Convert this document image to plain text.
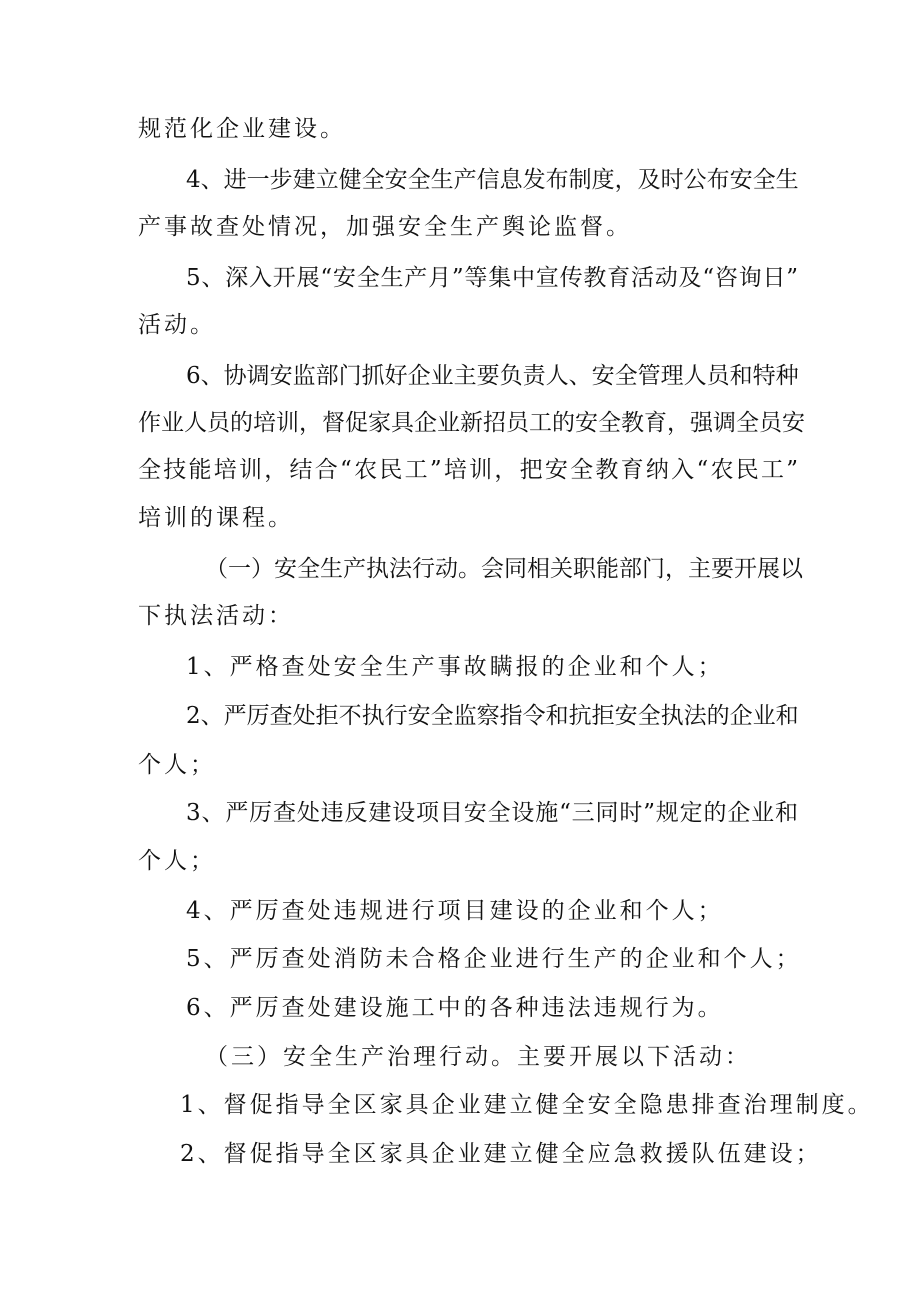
规范化企业建设。
4、进一步建立健全安全生产信息发布制度，及时公布安全生
产事故查处情况，加强安全生产舆论监督。
5、深入开展“安全生产月”等集中宣传教育活动及“咨询日”
活动。
6、协调安监部门抓好企业主要负责人、安全管理人员和特种
作业人员的培训，督促家具企业新招员工的安全教育，强调全员安
全技能培训，结合“农民工”培训，把安全教育纳入“农民工”
培训的课程。
（一）安全生产执法行动。会同相关职能部门，主要开展以
下执法活动：
1、严格查处安全生产事故瞒报的企业和个人；
2、严厉查处拒不执行安全监察指令和抗拒安全执法的企业和
个人；
3、严厉查处违反建设项目安全设施“三同时”规定的企业和
个人；
4、严厉查处违规进行项目建设的企业和个人；
5、严厉查处消防未合格企业进行生产的企业和个人；
6、严厉查处建设施工中的各种违法违规行为。
（三）安全生产治理行动。主要开展以下活动：
1、督促指导全区家具企业建立健全安全隐患排查治理制度。
2、督促指导全区家具企业建立健全应急救援队伍建设；
